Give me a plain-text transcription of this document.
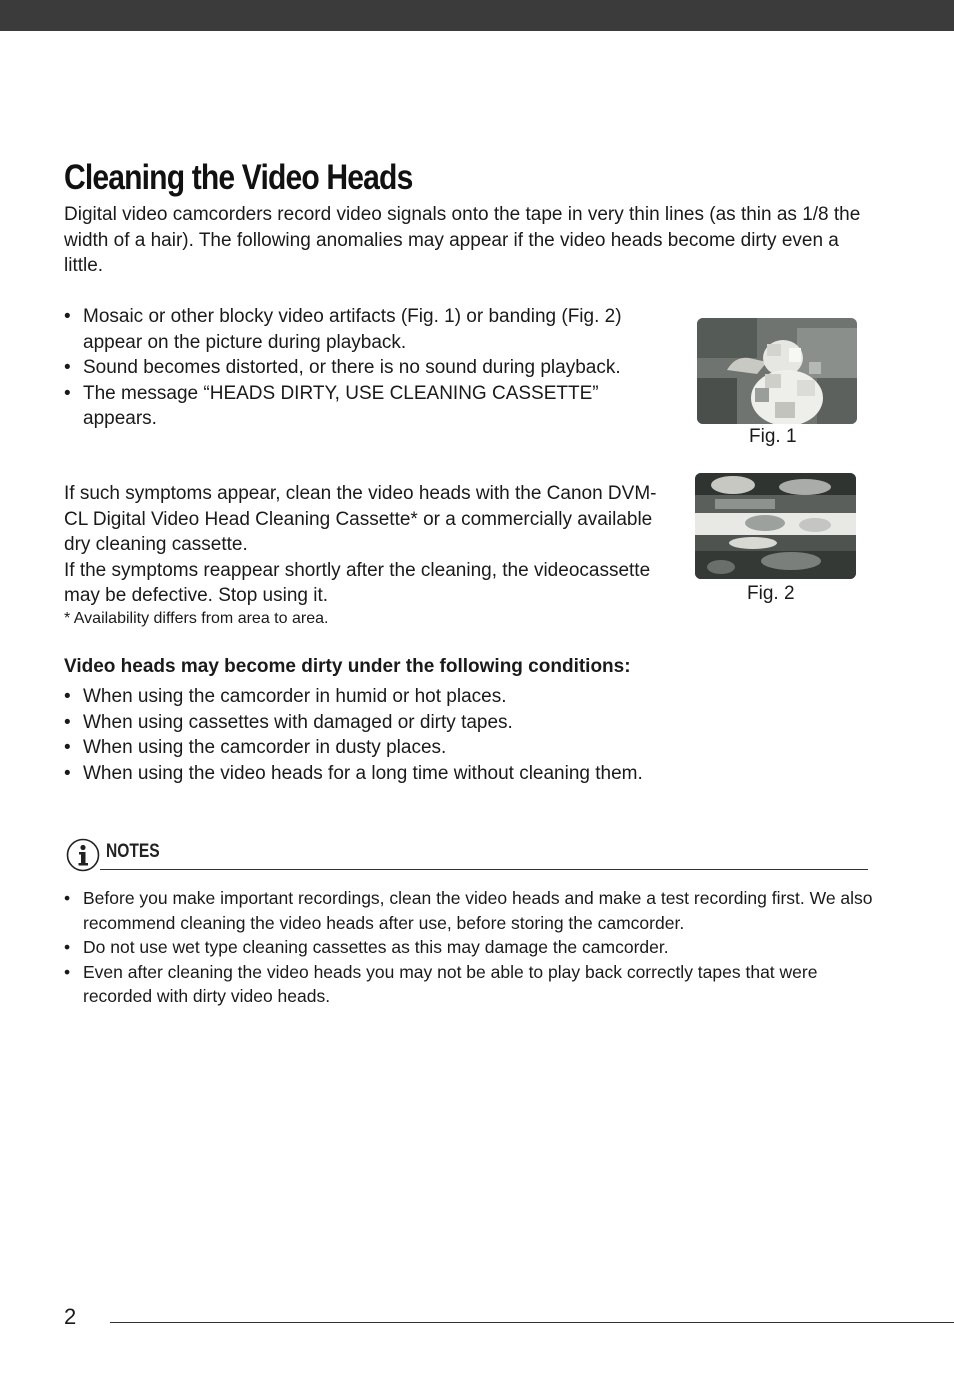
Cleaning the Video Heads

Digital video camcorders record video signals onto the tape in very thin lines (as thin as 1/8 the width of a hair). The following anomalies may appear if the video heads become dirty even a little.

• Mosaic or other blocky video artifacts (Fig. 1) or banding (Fig. 2) appear on the picture during playback.
• Sound becomes distorted, or there is no sound during playback.
• The message “HEADS DIRTY, USE CLEANING CASSETTE” appears.

If such symptoms appear, clean the video heads with the Canon DVM-CL Digital Video Head Cleaning Cassette* or a commercially available dry cleaning cassette.
If the symptoms reappear shortly after the cleaning, the videocassette may be defective. Stop using it.

* Availability differs from area to area.

Video heads may become dirty under the following conditions:

• When using the camcorder in humid or hot places.
• When using cassettes with damaged or dirty tapes.
• When using the camcorder in dusty places.
• When using the video heads for a long time without cleaning them.

Fig. 1

Fig. 2

NOTES

• Before you make important recordings, clean the video heads and make a test recording first. We also recommend cleaning the video heads after use, before storing the camcorder.
• Do not use wet type cleaning cassettes as this may damage the camcorder.
• Even after cleaning the video heads you may not be able to play back correctly tapes that were recorded with dirty video heads.

2
